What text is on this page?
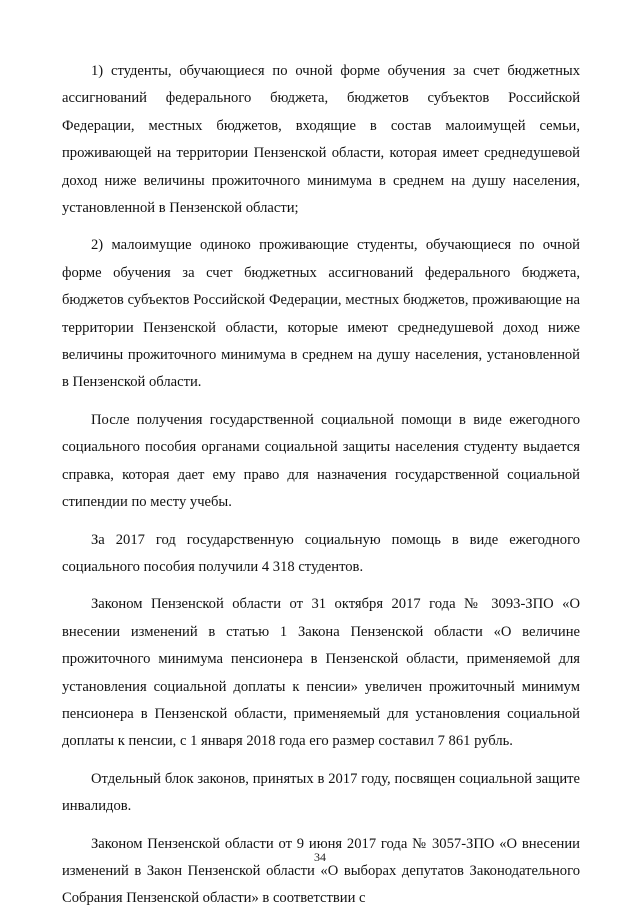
1) студенты, обучающиеся по очной форме обучения за счет бюджетных ассигнований федерального бюджета, бюджетов субъектов Российской Федерации, местных бюджетов, входящие в состав малоимущей семьи, проживающей на территории Пензенской области, которая имеет среднедушевой доход ниже величины прожиточного минимума в среднем на душу населения, установленной в Пензенской области;

2) малоимущие одиноко проживающие студенты, обучающиеся по очной форме обучения за счет бюджетных ассигнований федерального бюджета, бюджетов субъектов Российской Федерации, местных бюджетов, проживающие на территории Пензенской области, которые имеют среднедушевой доход ниже величины прожиточного минимума в среднем на душу населения, установленной в Пензенской области.

После получения государственной социальной помощи в виде ежегодного социального пособия органами социальной защиты населения студенту выдается справка, которая дает ему право для назначения государственной социальной стипендии по месту учебы.

За 2017 год государственную социальную помощь в виде ежегодного социального пособия получили 4 318 студентов.

Законом Пензенской области от 31 октября 2017 года № 3093-ЗПО «О внесении изменений в статью 1 Закона Пензенской области «О величине прожиточного минимума пенсионера в Пензенской области, применяемой для установления социальной доплаты к пенсии» увеличен прожиточный минимум пенсионера в Пензенской области, применяемый для установления социальной доплаты к пенсии, с 1 января 2018 года его размер составил 7 861 рубль.

Отдельный блок законов, принятых в 2017 году, посвящен социальной защите инвалидов.

Законом Пензенской области от 9 июня 2017 года № 3057-ЗПО «О внесении изменений в Закон Пензенской области «О выборах депутатов Законодательного Собрания Пензенской области» в соответствии с

34
